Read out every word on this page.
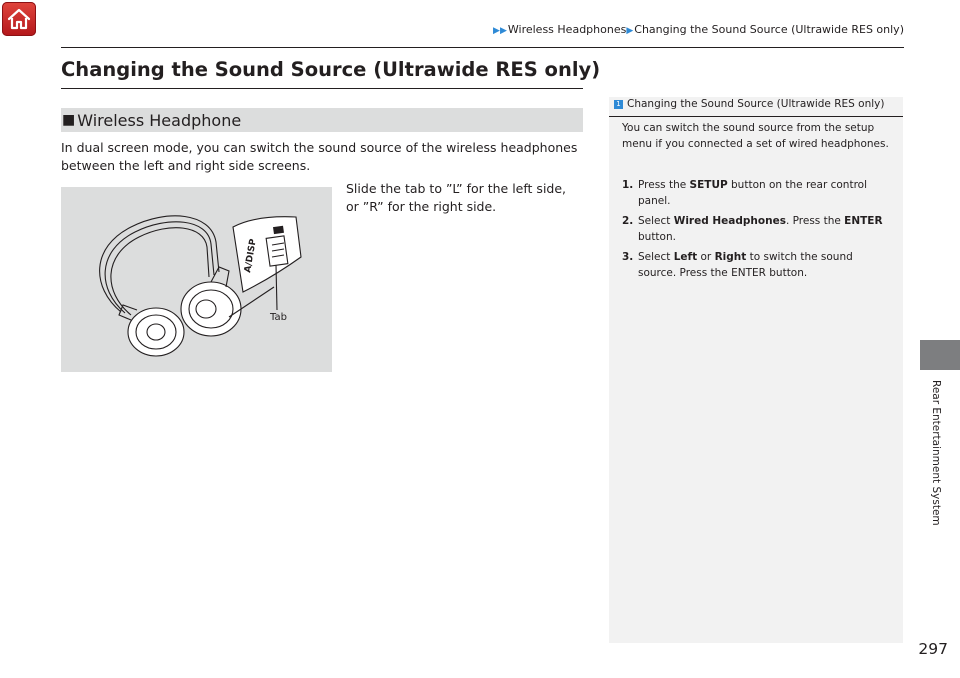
▶▶Wireless Headphones▶Changing the Sound Source (Ultrawide RES only)
Changing the Sound Source (Ultrawide RES only)
■ Wireless Headphone

In dual screen mode, you can switch the sound source of the wireless headphones between the left and right side screens.

A/DISP
Tab

Slide the tab to ”L” for the left side, or ”R” for the right side.

1 Changing the Sound Source (Ultrawide RES only)

You can switch the sound source from the setup menu if you connected a set of wired headphones.

1. Press the SETUP button on the rear control panel.
2. Select Wired Headphones. Press the ENTER button.
3. Select Left or Right to switch the sound source. Press the ENTER button.
Rear Entertainment System
297
